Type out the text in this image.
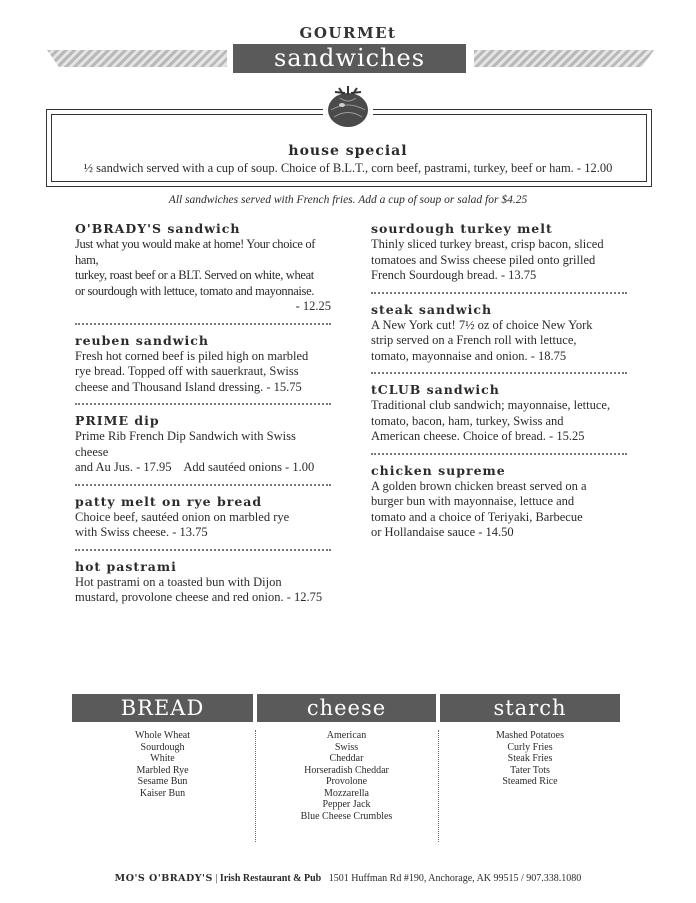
GOURMEt
sandwiches
house special
½ sandwich served with a cup of soup. Choice of B.L.T., corn beef, pastrami, turkey, beef or ham. - 12.00
All sandwiches served with French fries. Add a cup of soup or salad for $4.25
O'BRADY'S sandwich
Just what you would make at home! Your choice of ham,
turkey, roast beef or a BLT. Served on white, wheat
or sourdough with lettuce, tomato and mayonnaise.
- 12.25
reuben sandwich
Fresh hot corned beef is piled high on marbled
rye bread. Topped off with sauerkraut, Swiss
cheese and Thousand Island dressing. - 15.75
PRIME dip
Prime Rib French Dip Sandwich with Swiss cheese
and Au Jus. - 17.95    Add sautéed onions - 1.00
patty melt on rye bread
Choice beef, sautéed onion on marbled rye
with Swiss cheese. - 13.75
hot pastrami
Hot pastrami on a toasted bun with Dijon
mustard, provolone cheese and red onion. - 12.75
sourdough turkey melt
Thinly sliced turkey breast, crisp bacon, sliced
tomatoes and Swiss cheese piled onto grilled
French Sourdough bread. - 13.75
steak sandwich
A New York cut! 7½ oz of choice New York
strip served on a French roll with lettuce,
tomato, mayonnaise and onion. - 18.75
tCLUB sandwich
Traditional club sandwich; mayonnaise, lettuce,
tomato, bacon, ham, turkey, Swiss and
American cheese. Choice of bread. - 15.25
chicken supreme
A golden brown chicken breast served on a
burger bun with mayonnaise, lettuce and
tomato and a choice of Teriyaki, Barbecue
or Hollandaise sauce - 14.50
BREAD	cheese	starch
Whole Wheat
Sourdough
White
Marbled Rye
Sesame Bun
Kaiser Bun
American
Swiss
Cheddar
Horseradish Cheddar
Provolone
Mozzarella
Pepper Jack
Blue Cheese Crumbles
Mashed Potatoes
Curly Fries
Steak Fries
Tater Tots
Steamed Rice
MO'S O'BRADY'S | Irish Restaurant & Pub 1501 Huffman Rd #190, Anchorage, AK 99515 / 907.338.1080
